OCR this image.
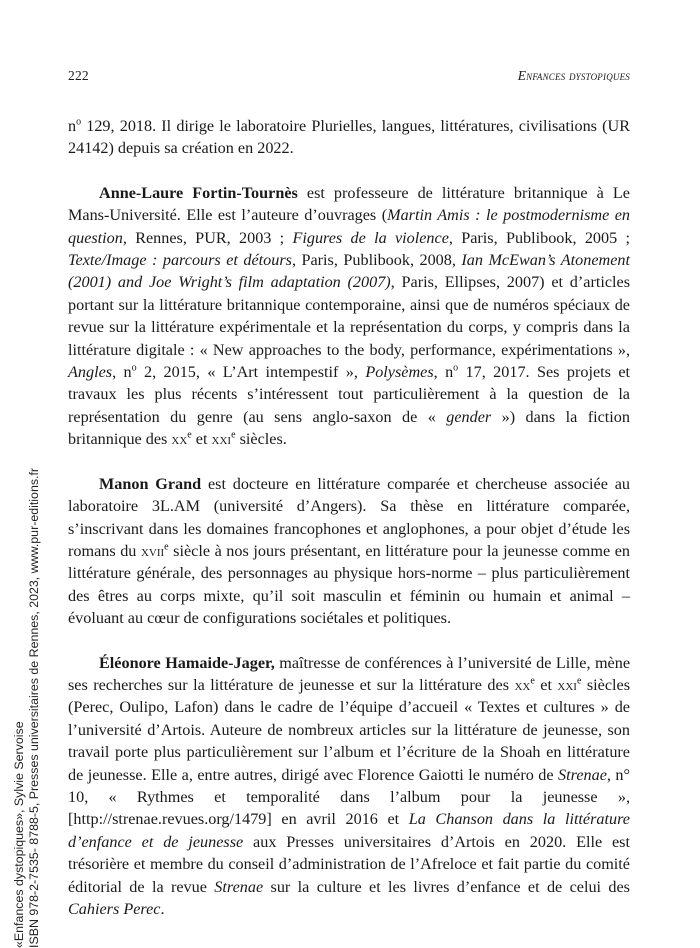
222	Enfances dystopiques

$n^o$ 129, 2018. Il dirige le laboratoire Plurielles, langues, littératures, civilisations (UR 24142) depuis sa création en 2022.

Anne-Laure Fortin-Tournès est professeure de littérature britannique à Le Mans-Université. Elle est l’auteure d’ouvrages (Martin Amis : le postmodernisme en question, Rennes, PUR, 2003 ; Figures de la violence, Paris, Publibook, 2005 ; Texte/Image : parcours et détours, Paris, Publibook, 2008, Ian McEwan’s Atonement (2001) and Joe Wright’s film adaptation (2007), Paris, Ellipses, 2007) et d’articles portant sur la littérature britannique contemporaine, ainsi que de numéros spéciaux de revue sur la littérature expérimentale et la représentation du corps, y compris dans la littérature digitale : « New approaches to the body, performance, expérimentations », Angles, $n^o$ 2, 2015, « L’Art intempestif », Polysèmes, $n^o$ 17, 2017. Ses projets et travaux les plus récents s’intéressent tout particulièrement à la question de la représentation du genre (au sens anglo-saxon de « gender ») dans la fiction britannique des $xx^e$ et xxi$^e$ siècles.

Manon Grand est docteure en littérature comparée et chercheuse associée au laboratoire 3L.AM (université d’Angers). Sa thèse en littérature comparée, s’inscrivant dans les domaines francophones et anglophones, a pour objet d’étude les romans du xvii$^e$ siècle à nos jours présentant, en littérature pour la jeunesse comme en littérature générale, des personnages au physique hors-norme – plus particulièrement des êtres au corps mixte, qu’il soit masculin et féminin ou humain et animal – évoluant au cœur de configurations sociétales et politiques.

Éléonore Hamaide-Jager, maîtresse de conférences à l’université de Lille, mène ses recherches sur la littérature de jeunesse et sur la littérature des $xx^e$ et xxi$^e$ siècles (Perec, Oulipo, Lafon) dans le cadre de l’équipe d’accueil « Textes et cultures » de l’université d’Artois. Auteure de nombreux articles sur la littérature de jeunesse, son travail porte plus particulièrement sur l’album et l’écriture de la Shoah en littérature de jeunesse. Elle a, entre autres, dirigé avec Florence Gaiotti le numéro de Strenae, n° 10, « Rythmes et temporalité dans l’album pour la jeunesse », [http://strenae.revues.org/1479] en avril 2016 et La Chanson dans la littérature d’enfance et de jeunesse aux Presses universitaires d’Artois en 2020. Elle est trésorière et membre du conseil d’administration de l’Afreloce et fait partie du comité éditorial de la revue Strenae sur la culture et les livres d’enfance et de celui des Cahiers Perec.

«Enfances dystopiques», Sylvie Servoise ISBN 978-2-7535- 8788-5, Presses universitaires de Rennes, 2023, www.pur-editions.fr
